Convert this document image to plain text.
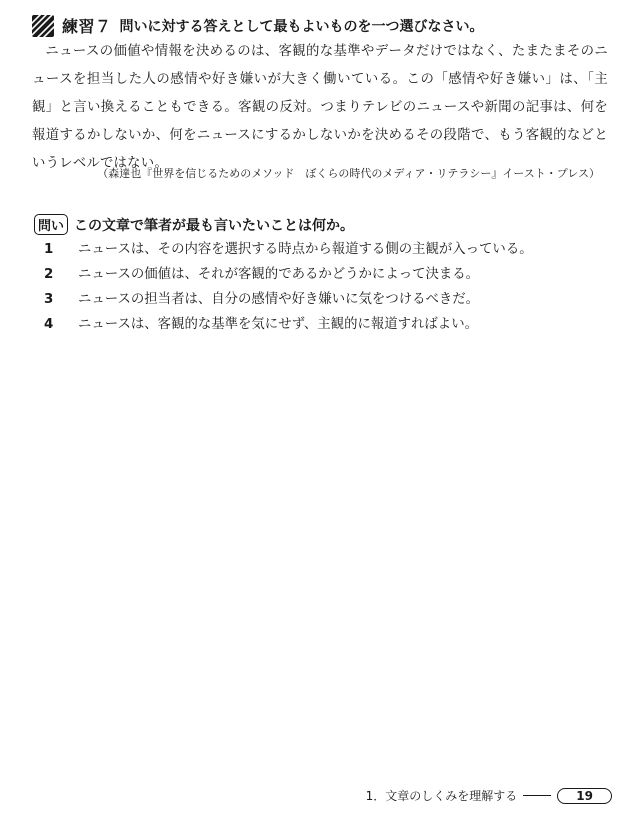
練習７ 問いに対する答えとして最もよいものを一つ選びなさい。

ニュースの価値や情報を決めるのは、客観的な基準やデータだけではなく、たまたまそのニュースを担当した人の感情や好き嫌いが大きく働いている。この「感情や好き嫌い」は、「主観」と言い換えることもできる。客観の反対。つまりテレビのニュースや新聞の記事は、何を報道するかしないか、何をニュースにするかしないかを決めるその段階で、もう客観的などというレベルではない。

（森達也『世界を信じるためのメソッド　ぼくらの時代のメディア・リテラシー』イースト・プレス）
問い この文章で筆者が最も言いたいことは何か。
1	ニュースは、その内容を選択する時点から報道する側の主観が入っている。
2	ニュースの価値は、それが客観的であるかどうかによって決まる。
3	ニュースの担当者は、自分の感情や好き嫌いに気をつけるべきだ。
4	ニュースは、客観的な基準を気にせず、主観的に報道すればよい。
1．文章のしくみを理解する	19
